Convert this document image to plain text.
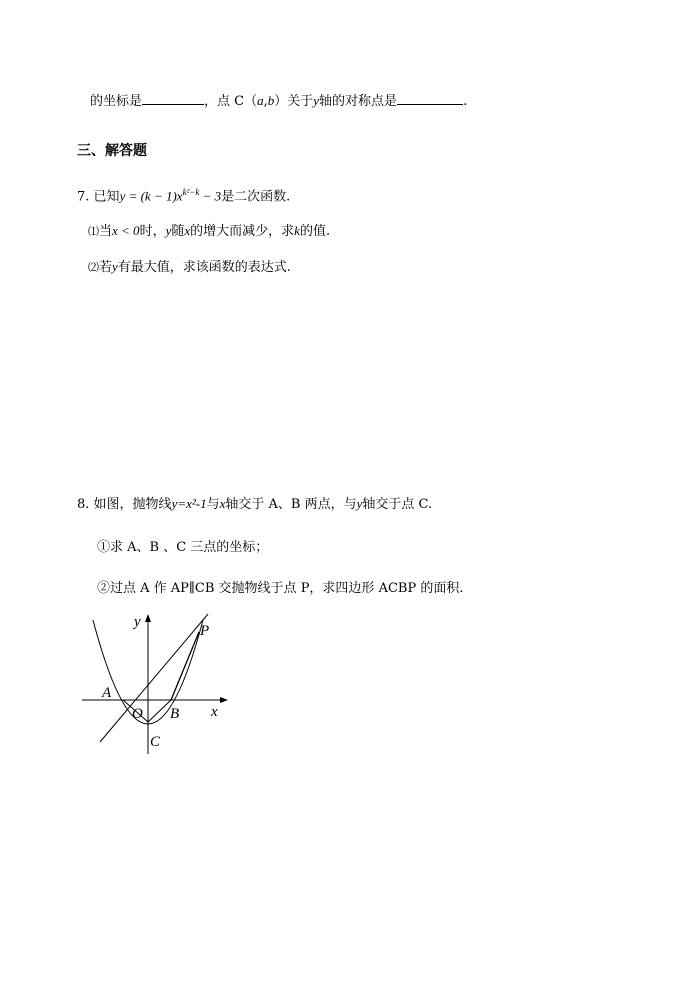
的坐标是	，点 C（a,b）关于y轴的对称点是	.
三、解答题
7. 已知$y = (k - 1)x^{k^2-k} - 3$是二次函数.
⑴当x < 0时，y随x的增大而减少，求k的值.
⑵若y有最大值，求该函数的表达式.
8. 如图，抛物线y=x²-1与x轴交于 A、B 两点，与y轴交于点 C.
①求 A、B 、C 三点的坐标；
②过点 A 作 AP∥CB 交抛物线于点 P，求四边形 ACBP 的面积.
y
x
P
A
O B
C
